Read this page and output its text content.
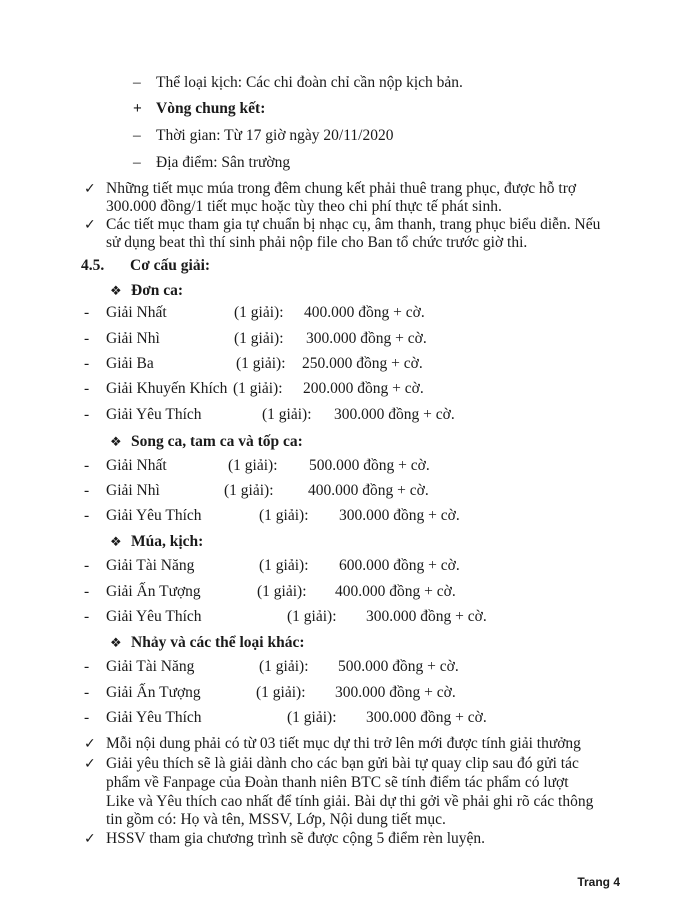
– Thể loại kịch: Các chi đoàn chỉ cần nộp kịch bản.
+ Vòng chung kết:
– Thời gian: Từ 17 giờ ngày 20/11/2020
– Địa điểm: Sân trường
✓ Những tiết mục múa trong đêm chung kết phải thuê trang phục, được hỗ trợ
300.000 đồng/1 tiết mục hoặc tùy theo chi phí thực tế phát sinh.
✓ Các tiết mục tham gia tự chuẩn bị nhạc cụ, âm thanh, trang phục biểu diễn. Nếu
sử dụng beat thì thí sinh phải nộp file cho Ban tổ chức trước giờ thi.
4.5. Cơ cấu giải:
❖ Đơn ca:
- Giải Nhất	(1 giải): 400.000 đồng + cờ.
- Giải Nhì	(1 giải): 300.000 đồng + cờ.
- Giải Ba	(1 giải): 250.000 đồng + cờ.
- Giải Khuyến Khích (1 giải): 200.000 đồng + cờ.
- Giải Yêu Thích	(1 giải): 300.000 đồng + cờ.
❖ Song ca, tam ca và tốp ca:
- Giải Nhất	(1 giải): 500.000 đồng + cờ.
- Giải Nhì	(1 giải): 400.000 đồng + cờ.
- Giải Yêu Thích	(1 giải): 300.000 đồng + cờ.
❖ Múa, kịch:
- Giải Tài Năng	(1 giải): 600.000 đồng + cờ.
- Giải Ấn Tượng	(1 giải): 400.000 đồng + cờ.
- Giải Yêu Thích	(1 giải): 300.000 đồng + cờ.
❖ Nhảy và các thể loại khác:
- Giải Tài Năng	(1 giải): 500.000 đồng + cờ.
- Giải Ấn Tượng	(1 giải): 300.000 đồng + cờ.
- Giải Yêu Thích	(1 giải): 300.000 đồng + cờ.
✓ Mỗi nội dung phải có từ 03 tiết mục dự thi trở lên mới được tính giải thưởng
✓ Giải yêu thích sẽ là giải dành cho các bạn gửi bài tự quay clip sau đó gửi tác
phẩm về Fanpage của Đoàn thanh niên BTC sẽ tính điểm tác phẩm có lượt
Like và Yêu thích cao nhất để tính giải. Bài dự thi gởi về phải ghi rõ các thông
tin gồm có: Họ và tên, MSSV, Lớp, Nội dung tiết mục.
✓ HSSV tham gia chương trình sẽ được cộng 5 điểm rèn luyện.
Trang 4
